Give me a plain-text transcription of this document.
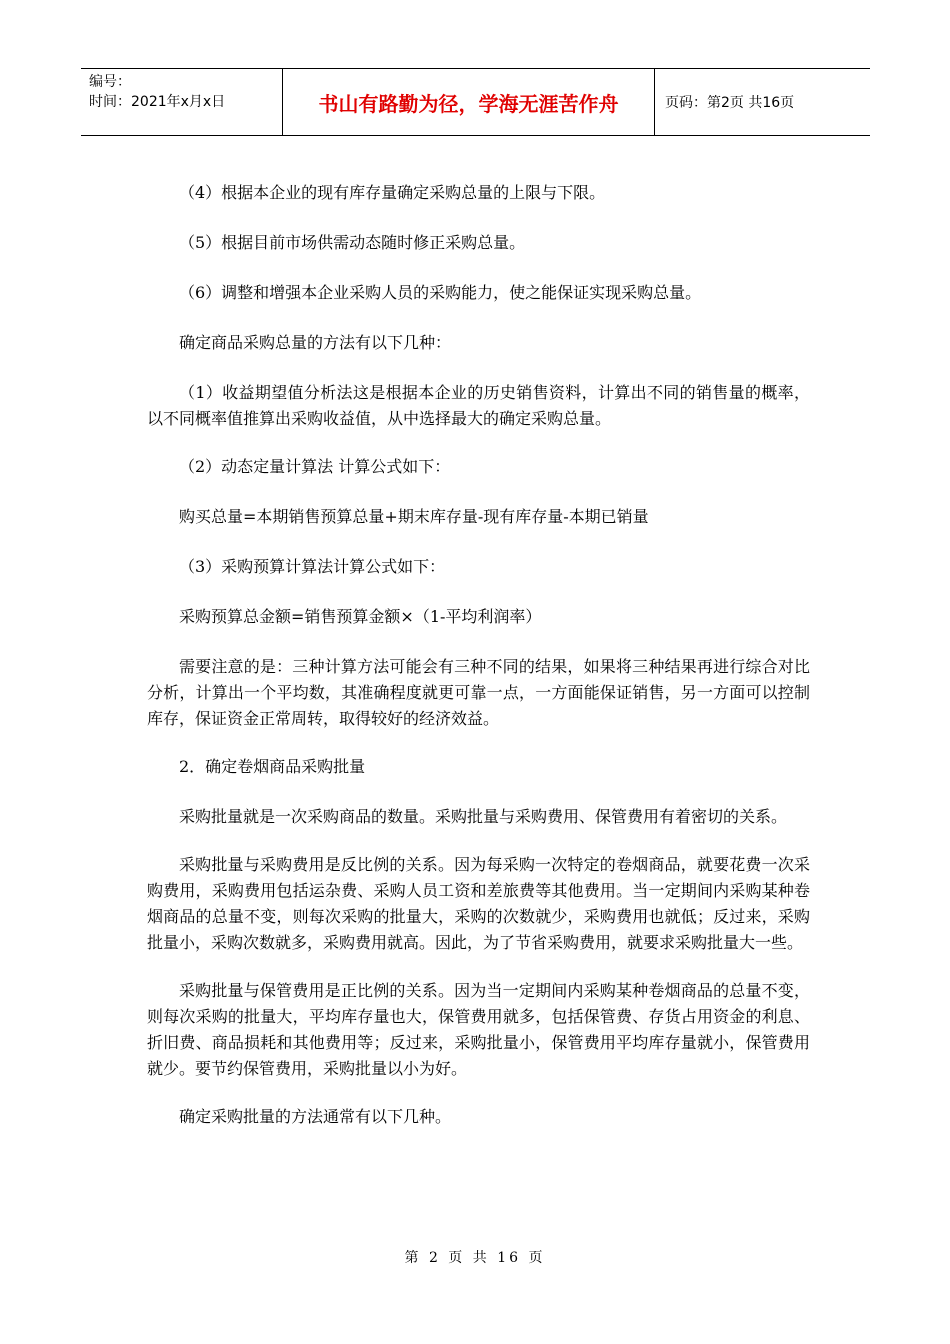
编号：
时间：2021年x月x日	书山有路勤为径，学海无涯苦作舟	页码：第2页 共16页

（4）根据本企业的现有库存量确定采购总量的上限与下限。

（5）根据目前市场供需动态随时修正采购总量。

（6）调整和增强本企业采购人员的采购能力，使之能保证实现采购总量。

确定商品采购总量的方法有以下几种：

（1）收益期望值分析法这是根据本企业的历史销售资料，计算出不同的销售量的概率，以不同概率值推算出采购收益值，从中选择最大的确定采购总量。

（2）动态定量计算法 计算公式如下：

购买总量=本期销售预算总量+期末库存量-现有库存量-本期已销量

（3）采购预算计算法计算公式如下：

采购预算总金额=销售预算金额×（1-平均利润率）

需要注意的是：三种计算方法可能会有三种不同的结果，如果将三种结果再进行综合对比分析，计算出一个平均数，其准确程度就更可靠一点，一方面能保证销售，另一方面可以控制库存，保证资金正常周转，取得较好的经济效益。

2．确定卷烟商品采购批量

采购批量就是一次采购商品的数量。采购批量与采购费用、保管费用有着密切的关系。

采购批量与采购费用是反比例的关系。因为每采购一次特定的卷烟商品，就要花费一次采购费用，采购费用包括运杂费、采购人员工资和差旅费等其他费用。当一定期间内采购某种卷烟商品的总量不变，则每次采购的批量大，采购的次数就少，采购费用也就低；反过来，采购批量小，采购次数就多，采购费用就高。因此，为了节省采购费用，就要求采购批量大一些。

采购批量与保管费用是正比例的关系。因为当一定期间内采购某种卷烟商品的总量不变，则每次采购的批量大，平均库存量也大，保管费用就多，包括保管费、存货占用资金的利息、折旧费、商品损耗和其他费用等；反过来，采购批量小，保管费用平均库存量就小，保管费用就少。要节约保管费用，采购批量以小为好。

确定采购批量的方法通常有以下几种。

第 2 页 共 16 页
